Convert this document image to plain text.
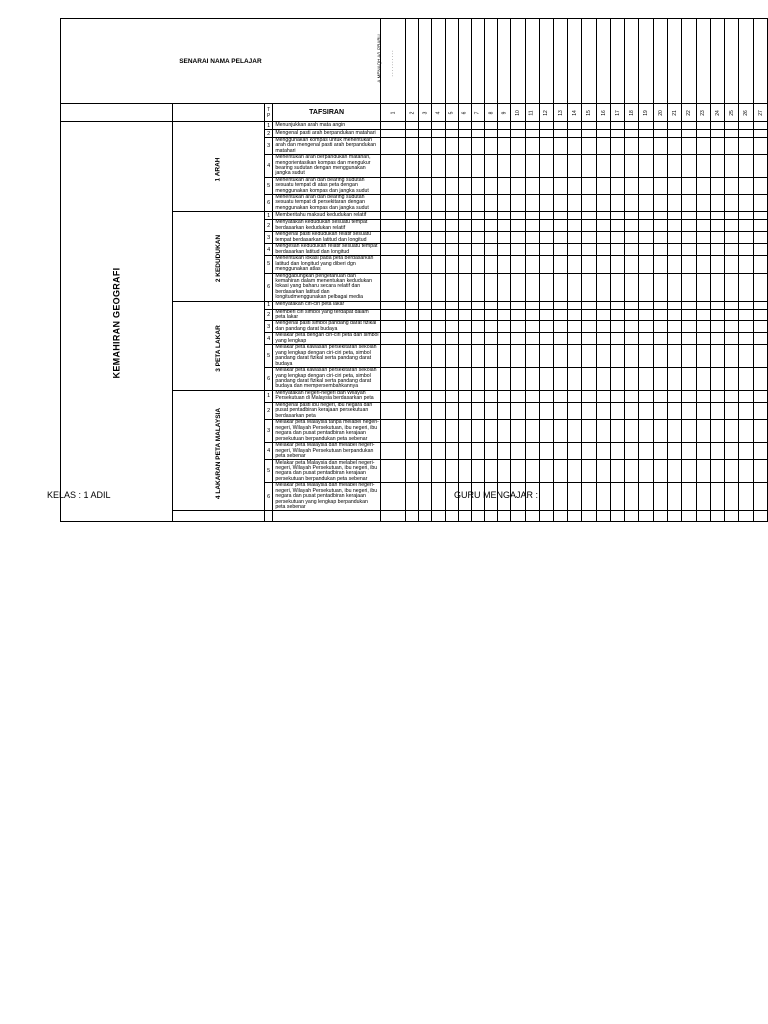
SENARAI NAMA PELAJAR				A.MENAQH A/L PRABU · · · · · · · · · ·																										

		T P	TAFSIRAN	1	2	3	4	5	6	7	8	9	10	11	12	13	14	15	16	17	18	19	20	21	22	23	24	25	26	27
KEMAHIRAN GEOGRAFI	1 ARAH	1	Menunjukkan arah mata angin																											
		2	Mengenal pasti arah berpandukan matahari																											
		3	Menggunakan kompas untuk menentukan arah dan mengenal pasti arah berpandukan matahari																											
		4	Menentukan arah berpandukan matahari, mengorientasikan kompas dan mengukur bearing sudutan dengan menggunakan jangka sudut																											
		5	Menentukan arah dan bearing sudutan sesuatu tempat di atas peta dengan menggunakan kompas dan jangka sudut																											
		6	Menentukan arah dan bearing sudutan sesuatu tempat di persekitaran dengan menggunakan kompas dan jangka sudut																											
	2 KEDUDUKAN	1	Memberitahu maksud kedudukan relatif																											
		2	Menyatakan kedudukan sesuatu tempat berdasarkan kedudukan relatif																											
		3	Mengenal pasti kedudukan relatif sesuatu tempat berdasarkan latitud dan longitud																											
		4	Mengesan kedudukan relatif sesuatu tempat berdasarkan latitud dan longitud																											
		5	Menentukan lokasi pada peta berdasarkan latitud dan longitud yang diberi dgn menggunakan atlas																											
		6	Menggabungkan pengetahuan dan kemahiran dalam menentukan kedudukan lokasi yang baharu secara relatif dan berdasarkan latitud dan longitudmenggunakan pelbagai media																											
	3 PETA LAKAR	1	Menyatakan ciri-ciri peta lakar																											
		2	Memberi ciri simbol yang terdapat dalam peta lakar																											
		3	Mengenal pasti simbol pandang darat fizikal dan pandang darat budaya																											
		4	Melakar peta dengan ciri-ciri peta dan simbol yang lengkap																											
		5	Melakar peta kawasan persekitaran sekolah yang lengkap dengan ciri-ciri peta, simbol pandang darat fizikal serta pandang darat budaya																											
		6	Melakar peta kawasan persekitaran sekolah yang lengkap dengan ciri-ciri peta, simbol pandang darat fizikal serta pandang darat budaya dan mempersembahkannya																											
	4 LAKARAN PETA MALAYSIA	1	Menyatakan negeri-negeri dan Wilayah Persekutuan di Malaysia berdasarkan peta																											
		2	Mengenal pasti ibu negeri, ibu negara dan pusat pentadbiran kerajaan persekutuan berdasarkan peta																											
		3	Melakar peta Malaysia tanpa melabel negeri-negeri, Wilayah Persekutuan, ibu negeri, ibu negara dan pusat pentadbiran kerajaan persekutuan berpandukan peta sebenar																											
		4	Melakar peta Malaysia dan melabel negeri-negeri, Wilayah Persekutuan berpandukan peta sebenar																											
		5	Melakar peta Malaysia dan melabel negeri-negeri, Wilayah Persekutuan, ibu negeri, ibu negara dan pusat pentadbiran kerajaan persekutuan berpandukan peta sebenar																											
		6	Melakar peta Malaysia dan melabel negeri-negeri, Wilayah Persekutuan, ibu negeri, ibu negara dan pusat pentadbiran kerajaan persekutuan yang lengkap berpandukan peta sebenar																											

KELAS : 1 ADIL	GURU MENGAJAR :
